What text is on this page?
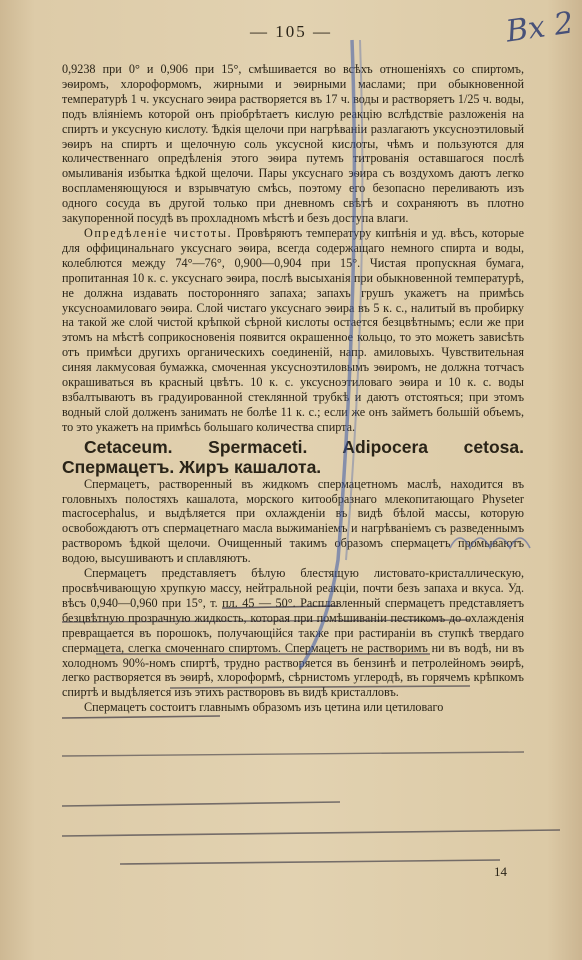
— 105 —	Вх 2

0,9238 при 0° и 0,906 при 15°, смѣшивается во всѣхъ отношеніяхъ со спиртомъ, эѳиромъ, хлороформомъ, жирными и эѳирными маслами; при обыкновенной температурѣ 1 ч. уксуснаго эѳира растворяется въ 17 ч. воды и растворяетъ 1/25 ч. воды, подъ вліяніемъ которой онъ пріобрѣтаетъ кислую реакцію вслѣдствіе разложенія на спиртъ и уксусную кислоту. Ѣдкія щелочи при нагрѣваніи разлагаютъ уксусноэтиловый эѳиръ на спиртъ и щелочную соль уксусной кислоты, чѣмъ и пользуются для количественнаго опредѣленія этого эѳира путемъ титрованія оставшагося послѣ омыливанія избытка ѣдкой щелочи. Пары уксуснаго эѳира съ воздухомъ даютъ легко воспламеняющуюся и взрывчатую смѣсь, поэтому его безопасно переливають изъ одного сосуда въ другой только при дневномъ свѣтѣ и сохраняютъ въ плотно закупоренной посудѣ въ прохладномъ мѣстѣ и безъ доступа влаги.

Опредѣленіе чистоты. Провѣряютъ температуру кипѣнія и уд. вѣсъ, которые для оффицинальнаго уксуснаго эѳира, всегда содержащаго немного спирта и воды, колеблются между 74°—76°, 0,900—0,904 при 15°. Чистая пропускная бумага, пропитанная 10 к. с. уксуснаго эѳира, послѣ высыханія при обыкновенной температурѣ, не должна издавать посторонняго запаха; запахъ грушъ укажетъ на примѣсь уксусноамиловаго эѳира. Слой чистаго уксуснаго эѳира въ 5 к. с., налитый въ пробирку на такой же слой чистой крѣпкой сѣрной кислоты остается безцвѣтнымъ; если же при этомъ на мѣстѣ соприкосновенія появится окрашенное кольцо, то это можетъ зависѣть отъ примѣси другихъ органическихъ соединеній, напр. амиловыхъ. Чувствительная синяя лакмусовая бумажка, смоченная уксусноэтиловымъ эѳиромъ, не должна тотчасъ окрашиваться въ красный цвѣтъ. 10 к. с. уксусноэтиловаго эѳира и 10 к. с. воды взбалтываютъ въ градуированной стеклянной трубкѣ и даютъ отстояться; при этомъ водный слой долженъ занимать не болѣе 11 к. с.; если же онъ займетъ большій объемъ, то это укажетъ на примѣсь большаго количества спирта.

Cetaceum. Spermaceti. Adipocera cetosa. Спермацетъ. Жиръ кашалота.

Спермацетъ, растворенный въ жидкомъ спермацетномъ маслѣ, находится въ головныхъ полостяхъ кашалота, морского китообразнаго млекопитающаго Physeter macrocephalus, и выдѣляется при охлажденіи въ видѣ бѣлой массы, которую освобождаютъ отъ спермацетнаго масла выжиманіемъ и нагрѣваніемъ съ разведеннымъ растворомъ ѣдкой щелочи. Очищенный такимъ образомъ спермацетъ промываютъ водою, высушиваютъ и сплавляютъ.

Спермацетъ представляетъ бѣлую блестящую листовато-кристаллическую, просвѣчивающую хрупкую массу, нейтральной реакціи, почти безъ запаха и вкуса. Уд. вѣсъ 0,940—0,960 при 15°, т. пл. 45 — 50°. Расплавленный спермацетъ представляетъ безцвѣтную прозрачную жидкость, которая при помѣшиваніи пестикомъ до охлажденія превращается въ порошокъ, получающійся также при растираніи въ ступкѣ твердаго спермацета, слегка смоченнаго спиртомъ. Спермацетъ не растворимъ ни въ водѣ, ни въ холодномъ 90%-номъ спиртѣ, трудно растворяется въ бензинѣ и петролейномъ эѳирѣ, легко растворяется въ эѳирѣ, хлороформѣ, сѣрнистомъ углеродѣ, въ горячемъ крѣпкомъ спиртѣ и выдѣляется изъ этихъ растворовъ въ видѣ кристалловъ.

Спермацетъ состоитъ главнымъ образомъ изъ цетина или цетиловаго

14
